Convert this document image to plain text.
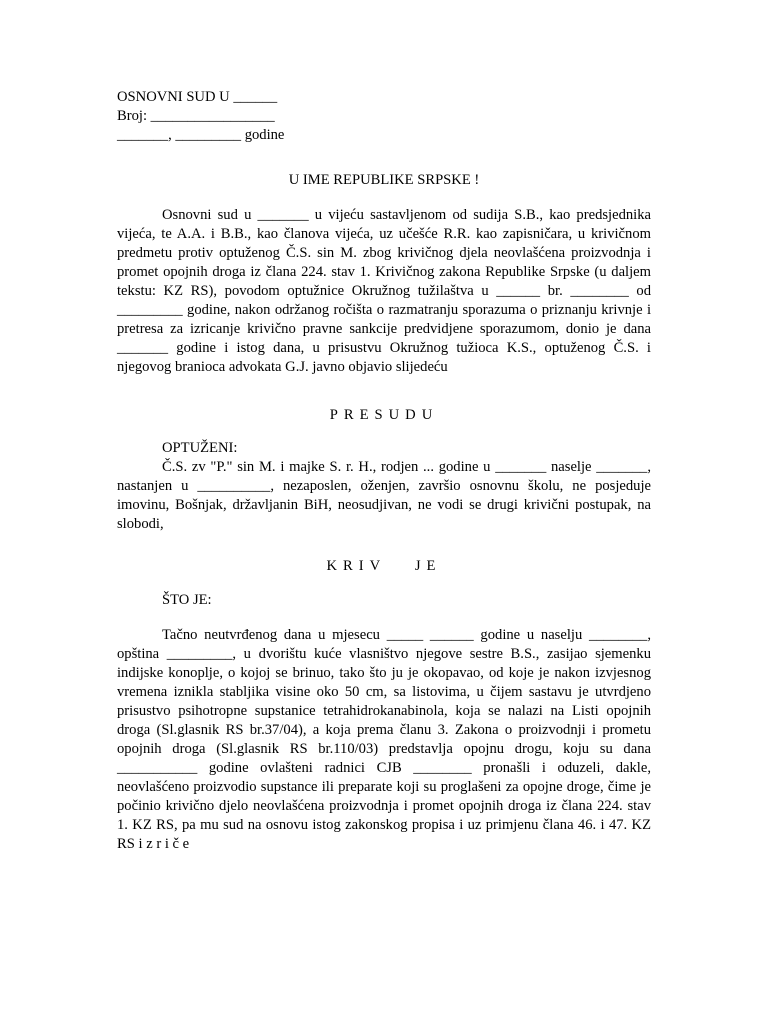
OSNOVNI SUD U ______
Broj: _________________
_______, _________ godine
U IME REPUBLIKE SRPSKE !

Osnovni sud u _______ u vijeću sastavljenom od sudija S.B., kao predsjednika vijeća, te A.A. i B.B., kao članova vijeća, uz učešće R.R. kao zapisničara, u krivičnom predmetu protiv optuženog Č.S. sin M. zbog krivičnog djela neovlašćena proizvodnja i promet opojnih droga iz člana 224. stav 1. Krivičnog zakona Republike Srpske (u daljem tekstu: KZ RS), povodom optužnice Okružnog tužilaštva u ______ br. ________ od _________ godine, nakon održanog ročišta o razmatranju sporazuma o priznanju krivnje i pretresa za izricanje krivično pravne sankcije predvidjene sporazumom, donio je dana _______ godine i istog dana, u prisustvu Okružnog tužioca K.S., optuženog Č.S. i njegovog branioca advokata G.J. javno objavio slijedeću

PRESUDU
OPTUŽENI:

Č.S. zv "P." sin M. i majke S. r. H., rodjen ... godine u _______ naselje _______, nastanjen u __________, nezaposlen, oženjen, završio osnovnu školu, ne posjeduje imovinu, Bošnjak, državljanin BiH, neosudjivan, ne vodi se drugi krivični postupak, na slobodi,

KRIV   JE
ŠTO JE:

Tačno neutvrđenog dana u mjesecu _____ ______ godine u naselju ________, opština _________, u dvorištu kuće vlasništvo njegove sestre B.S., zasijao sjemenku indijske konoplje, o kojoj se brinuo, tako što ju je okopavao, od koje je nakon izvjesnog vremena iznikla stabljika visine oko 50 cm, sa listovima, u čijem sastavu je utvrdjeno prisustvo psihotropne supstanice tetrahidrokanabinola, koja se nalazi na Listi opojnih droga (Sl.glasnik RS br.37/04), a koja prema članu 3. Zakona o proizvodnji i prometu opojnih droga (Sl.glasnik RS br.110/03) predstavlja opojnu drogu, koju su dana ___________ godine ovlašteni radnici CJB ________ pronašli i oduzeli, dakle, neovlašćeno proizvodio supstance ili preparate koji su proglašeni za opojne droge, čime je počinio krivično djelo neovlašćena proizvodnja i promet opojnih droga iz člana 224. stav 1. KZ RS, pa mu sud na osnovu istog zakonskog propisa i uz primjenu člana 46. i 47. KZ RS i z r i č e
